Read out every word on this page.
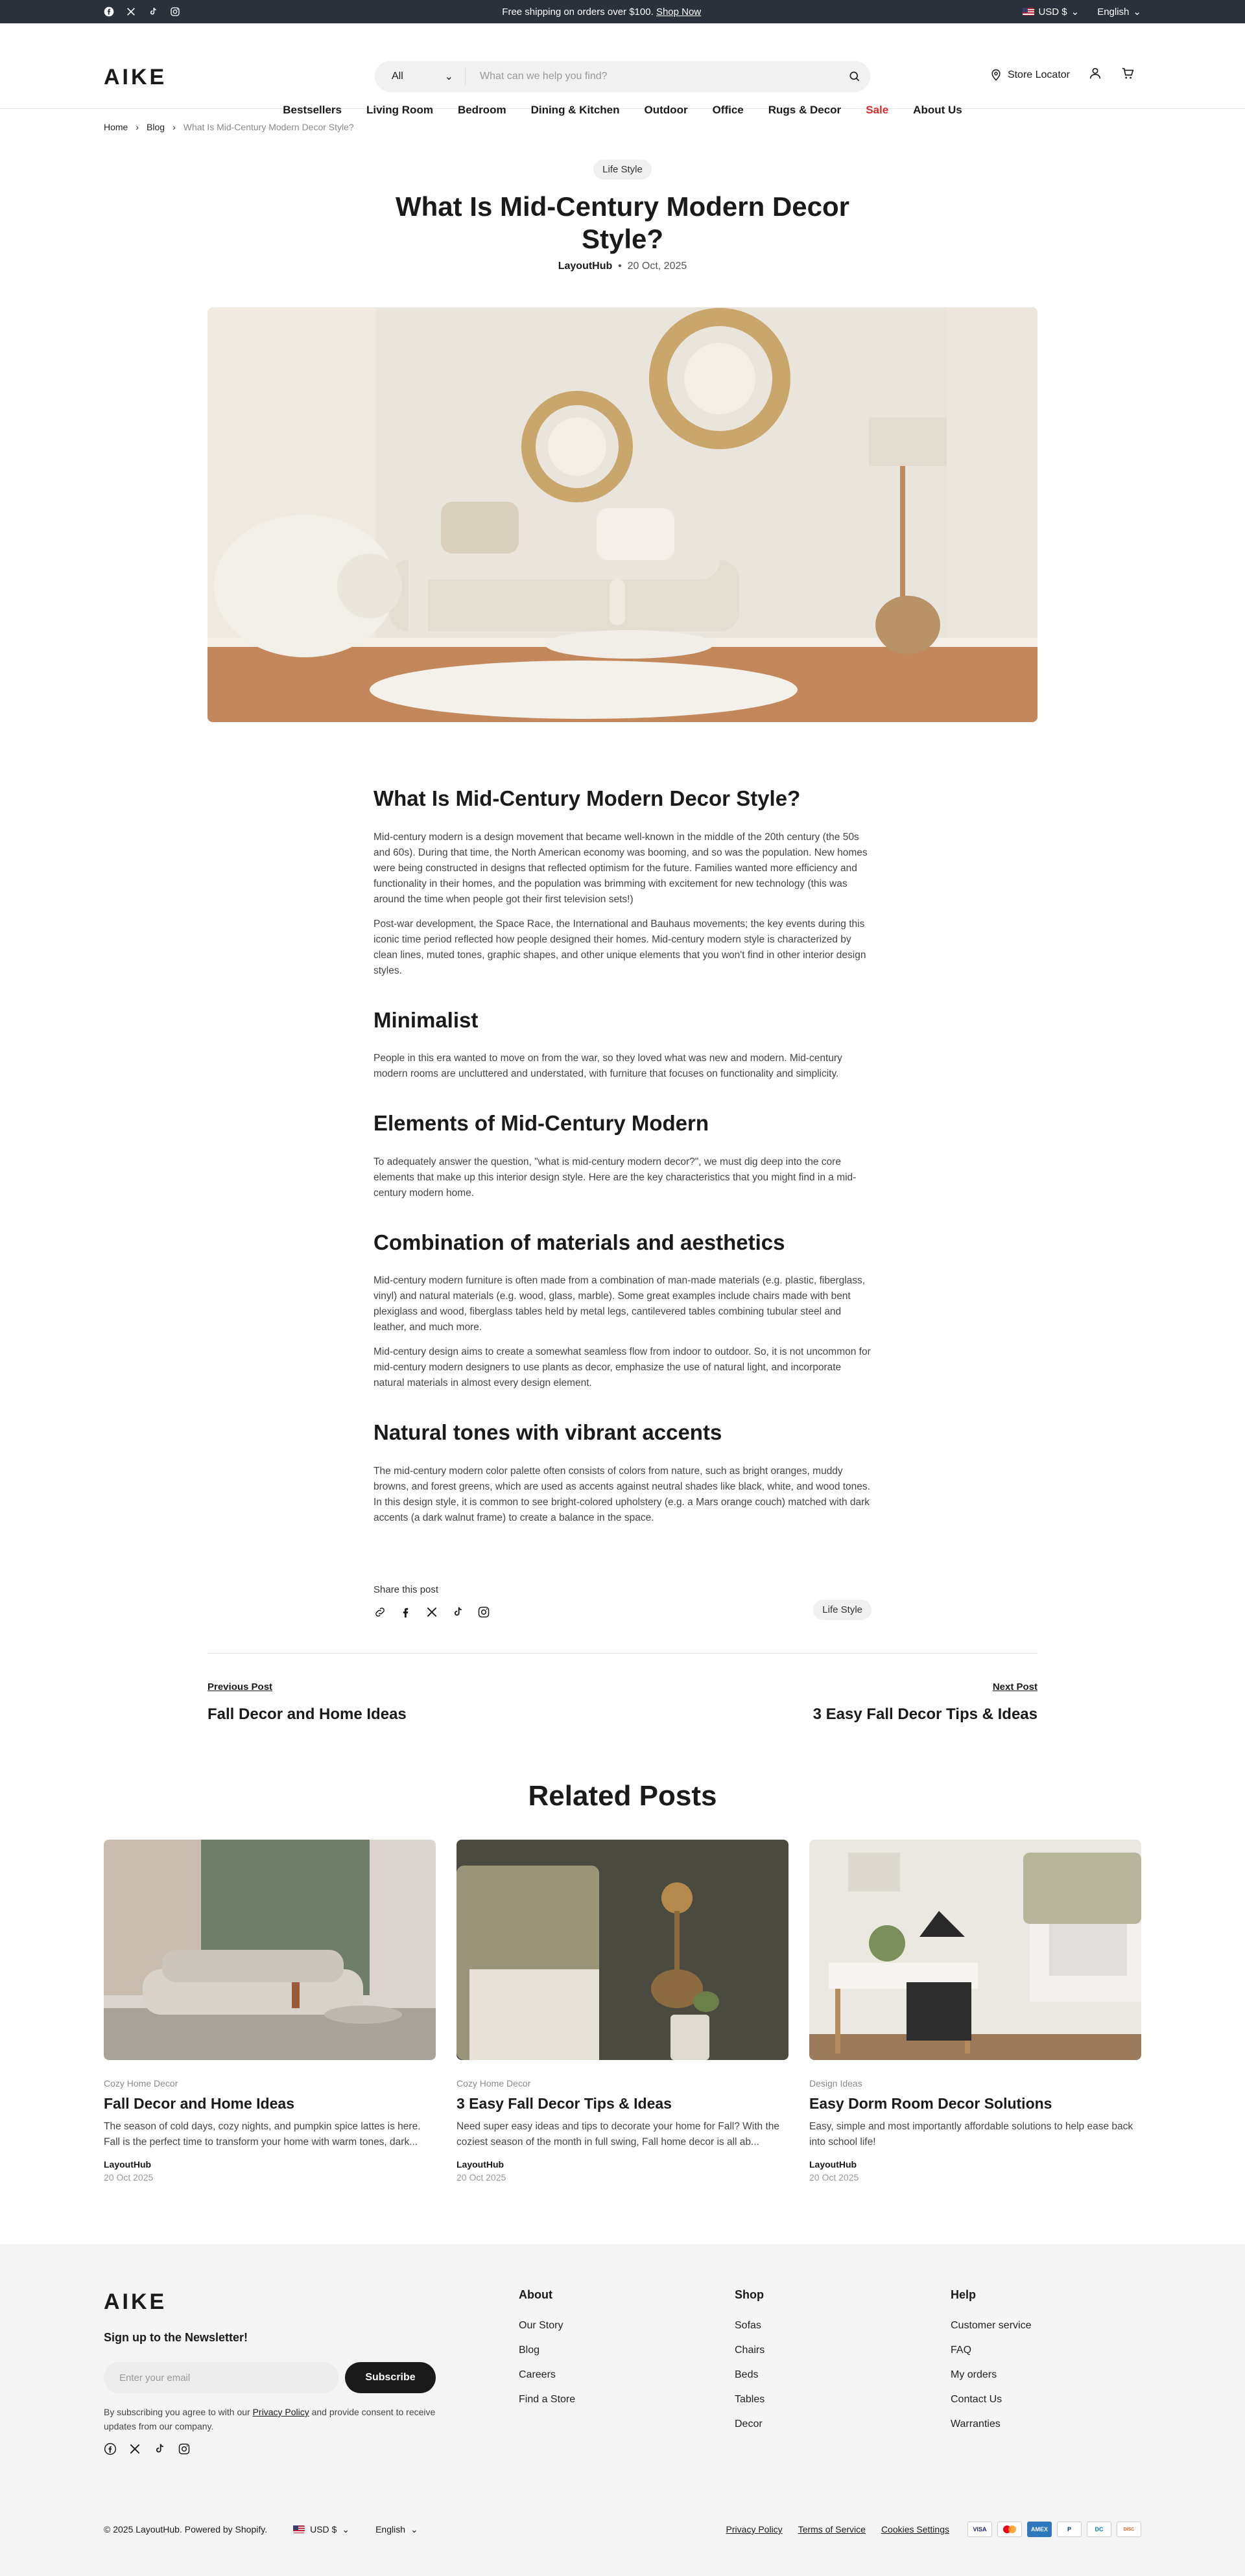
Free shipping on orders over $100. Shop Now	USD $ ⌄ English ⌄
AIKE	All	⌄
What can we help you find?	Store Locator
Bestsellers Living Room Bedroom Dining & Kitchen Outdoor Office Rugs & Decor Sale About Us
Home › Blog › What Is Mid-Century Modern Decor Style?
Life Style
What Is Mid-Century Modern Decor Style?
LayoutHub  •  20 Oct, 2025
What Is Mid-Century Modern Decor Style?

Mid-century modern is a design movement that became well-known in the middle of the 20th century (the 50s and 60s). During that time, the North American economy was booming, and so was the population. New homes were being constructed in designs that reflected optimism for the future. Families wanted more efficiency and functionality in their homes, and the population was brimming with excitement for new technology (this was around the time when people got their first television sets!)

Post-war development, the Space Race, the International and Bauhaus movements; the key events during this iconic time period reflected how people designed their homes. Mid-century modern style is characterized by clean lines, muted tones, graphic shapes, and other unique elements that you won't find in other interior design styles.

Minimalist

People in this era wanted to move on from the war, so they loved what was new and modern. Mid-century modern rooms are uncluttered and understated, with furniture that focuses on functionality and simplicity.

Elements of Mid-Century Modern

To adequately answer the question, "what is mid-century modern decor?", we must dig deep into the core elements that make up this interior design style. Here are the key characteristics that you might find in a mid-century modern home.

Combination of materials and aesthetics

Mid-century modern furniture is often made from a combination of man-made materials (e.g. plastic, fiberglass, vinyl) and natural materials (e.g. wood, glass, marble). Some great examples include chairs made with bent plexiglass and wood, fiberglass tables held by metal legs, cantilevered tables combining tubular steel and leather, and much more.

Mid-century design aims to create a somewhat seamless flow from indoor to outdoor. So, it is not uncommon for mid-century modern designers to use plants as decor, emphasize the use of natural light, and incorporate natural materials in almost every design element.

Natural tones with vibrant accents

The mid-century modern color palette often consists of colors from nature, such as bright oranges, muddy browns, and forest greens, which are used as accents against neutral shades like black, white, and wood tones. In this design style, it is common to see bright-colored upholstery (e.g. a Mars orange couch) matched with dark accents (a dark walnut frame) to create a balance in the space.

Share this post
Life Style
Previous Post
Fall Decor and Home Ideas
Next Post
3 Easy Fall Decor Tips & Ideas
Related Posts
Cozy Home Decor
Fall Decor and Home Ideas
The season of cold days, cozy nights, and pumpkin spice lattes is here. Fall is the perfect time to transform your home with warm tones, dark...
LayoutHub
20 Oct 2025
Cozy Home Decor
3 Easy Fall Decor Tips & Ideas
Need super easy ideas and tips to decorate your home for Fall? With the coziest season of the month in full swing, Fall home decor is all ab...
LayoutHub
20 Oct 2025
Design Ideas
Easy Dorm Room Decor Solutions
Easy, simple and most importantly affordable solutions to help ease back into school life!
LayoutHub
20 Oct 2025
AIKE
Sign up to the Newsletter!
Enter your email
Subscribe
By subscribing you agree to with our Privacy Policy and provide consent to receive updates from our company.
About
Our Story
Blog
Careers
Find a Store
Shop
Sofas
Chairs
Beds
Tables
Decor
Help
Customer service
FAQ
My orders
Contact Us
Warranties
© 2025 LayoutHub. Powered by Shopify.	USD $ ⌄	English ⌄	Privacy Policy Terms of Service Cookies Settings	VISA	AMEX	P	DC	DISC
